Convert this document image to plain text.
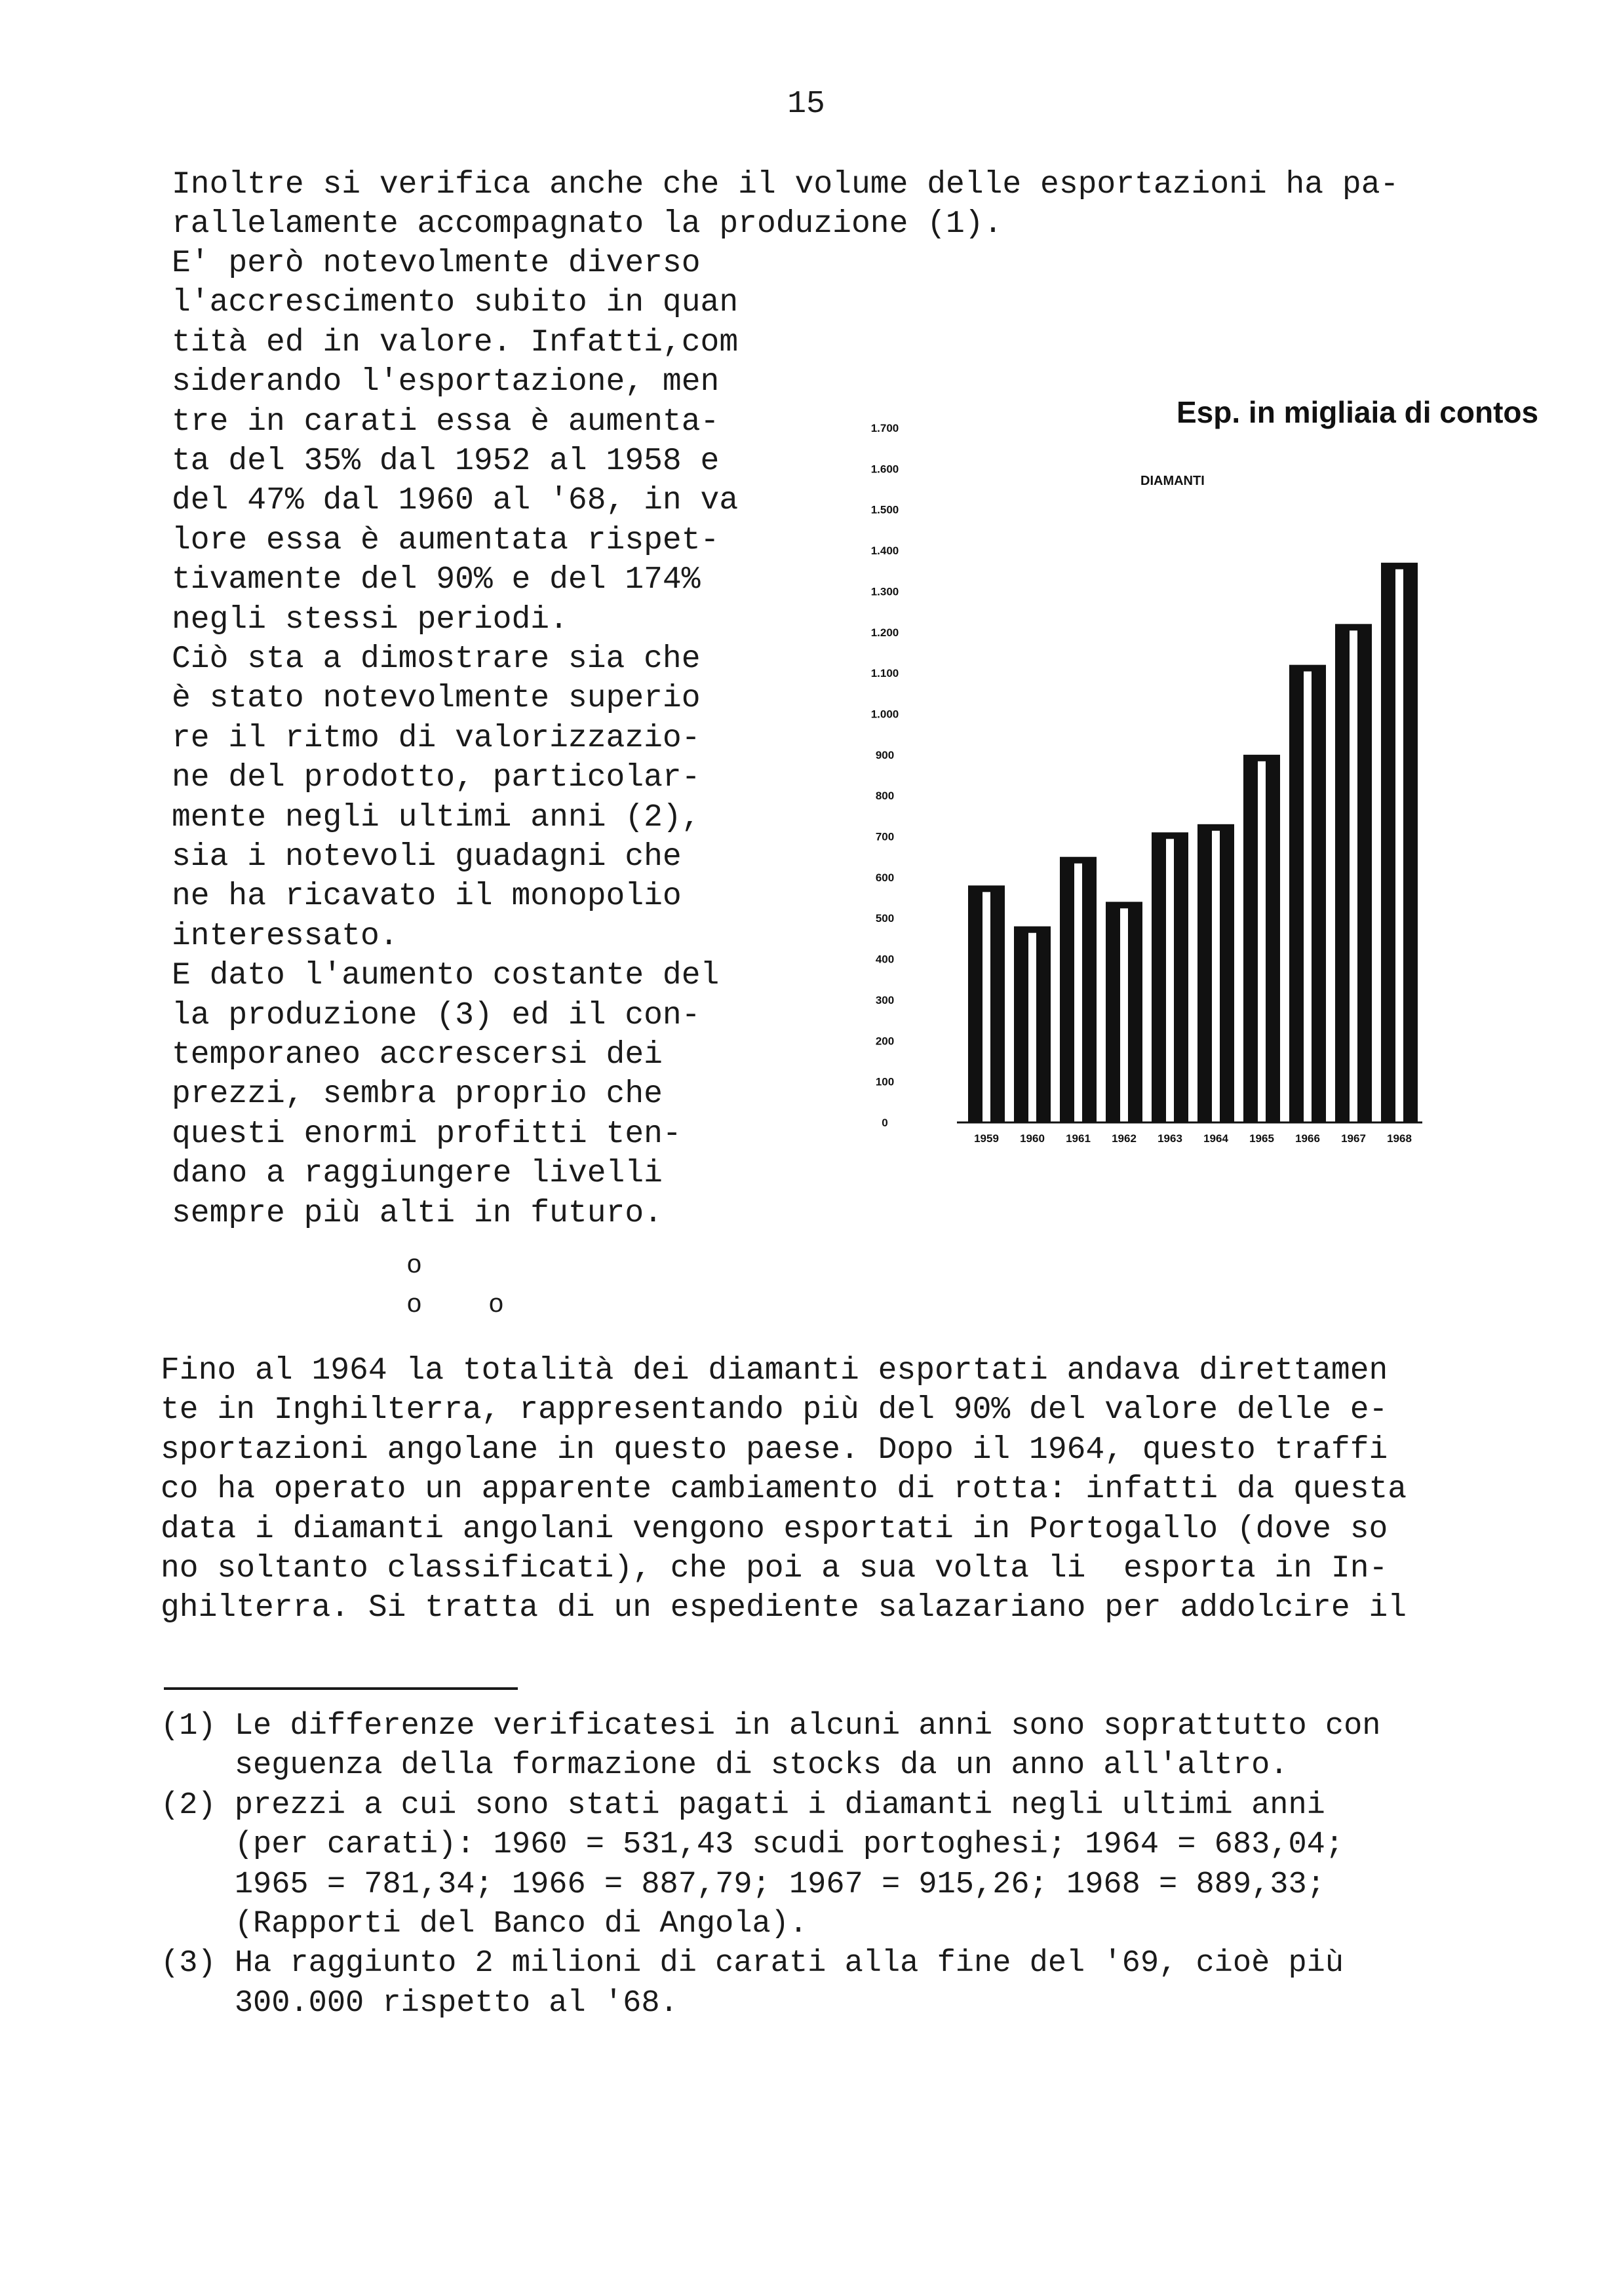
15
Inoltre si verifica anche che il volume delle esportazioni ha pa-
rallelamente accompagnato la produzione (1).
E' però notevolmente diverso
l'accrescimento subito in quan
tità ed in valore. Infatti,com
siderando l'esportazione, men
tre in carati essa è aumenta-
ta del 35% dal 1952 al 1958 e
del 47% dal 1960 al '68, in va
lore essa è aumentata rispet-
tivamente del 90% e del 174%
negli stessi periodi.
Ciò sta a dimostrare sia che
è stato notevolmente superio
re il ritmo di valorizzazio-
ne del prodotto, particolar-
mente negli ultimi anni (2),
sia i notevoli guadagni che
ne ha ricavato il monopolio
interessato.
E dato l'aumento costante del
la produzione (3) ed il con-
temporaneo accrescersi dei
prezzi, sembra proprio che
questi enormi profitti ten-
dano a raggiungere livelli
sempre più alti in futuro.
Esp. in migliaia di contos
DIAMANTI
0
100
200
300
400
500
600
700
800
900
1.000
1.100
1.200
1.300
1.400
1.500
1.600
1.700
1959 1960 1961 1962 1963 1964 1965 1966 1967 1968
o
o	o
Fino al 1964 la totalità dei diamanti esportati andava direttamen
te in Inghilterra, rappresentando più del 90% del valore delle e-
sportazioni angolane in questo paese. Dopo il 1964, questo traffi
co ha operato un apparente cambiamento di rotta: infatti da questa
data i diamanti angolani vengono esportati in Portogallo (dove so
no soltanto classificati), che poi a sua volta li  esporta in In-
ghilterra. Si tratta di un espediente salazariano per addolcire il
(1) Le differenze verificatesi in alcuni anni sono soprattutto con
seguenza della formazione di stocks da un anno all'altro.
(2) prezzi a cui sono stati pagati i diamanti negli ultimi anni
(per carati): 1960 = 531,43 scudi portoghesi; 1964 = 683,04;
1965 = 781,34; 1966 = 887,79; 1967 = 915,26; 1968 = 889,33;
(Rapporti del Banco di Angola).
(3) Ha raggiunto 2 milioni di carati alla fine del '69, cioè più
300.000 rispetto al '68.
